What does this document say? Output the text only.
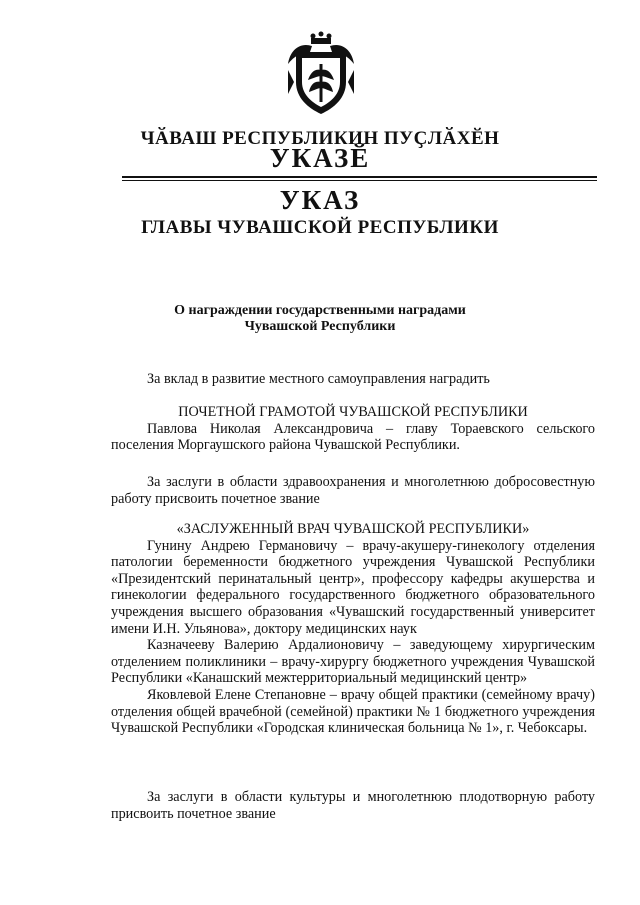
ЧӐВАШ РЕСПУБЛИКИН ПУҪЛӐХӖН
УКАЗӖ
УКАЗ
ГЛАВЫ ЧУВАШСКОЙ РЕСПУБЛИКИ
О награждении государственными наградами
Чувашской Республики

За вклад в развитие местного самоуправления наградить

ПОЧЕТНОЙ ГРАМОТОЙ ЧУВАШСКОЙ РЕСПУБЛИКИ

Павлова Николая Александровича – главу Тораевского сельского поселения Моргаушского района Чувашской Республики.

За заслуги в области здравоохранения и многолетнюю добросовестную работу присвоить почетное звание

«ЗАСЛУЖЕННЫЙ ВРАЧ ЧУВАШСКОЙ РЕСПУБЛИКИ»

Гунину Андрею Германовичу – врачу-акушеру-гинекологу отделения патологии беременности бюджетного учреждения Чувашской Республики «Президентский перинатальный центр», профессору кафедры акушерства и гинекологии федерального государственного бюджетного образовательного учреждения высшего образования «Чувашский государственный университет имени И.Н. Ульянова», доктору медицинских наук

Казначееву Валерию Ардалионовичу – заведующему хирургическим отделением поликлиники – врачу-хирургу бюджетного учреждения Чувашской Республики «Канашский межтерриториальный медицинский центр»

Яковлевой Елене Степановне – врачу общей практики (семейному врачу) отделения общей врачебной (семейной) практики № 1 бюджетного учреждения Чувашской Республики «Городская клиническая больница № 1», г. Чебоксары.

За заслуги в области культуры и многолетнюю плодотворную работу присвоить почетное звание
